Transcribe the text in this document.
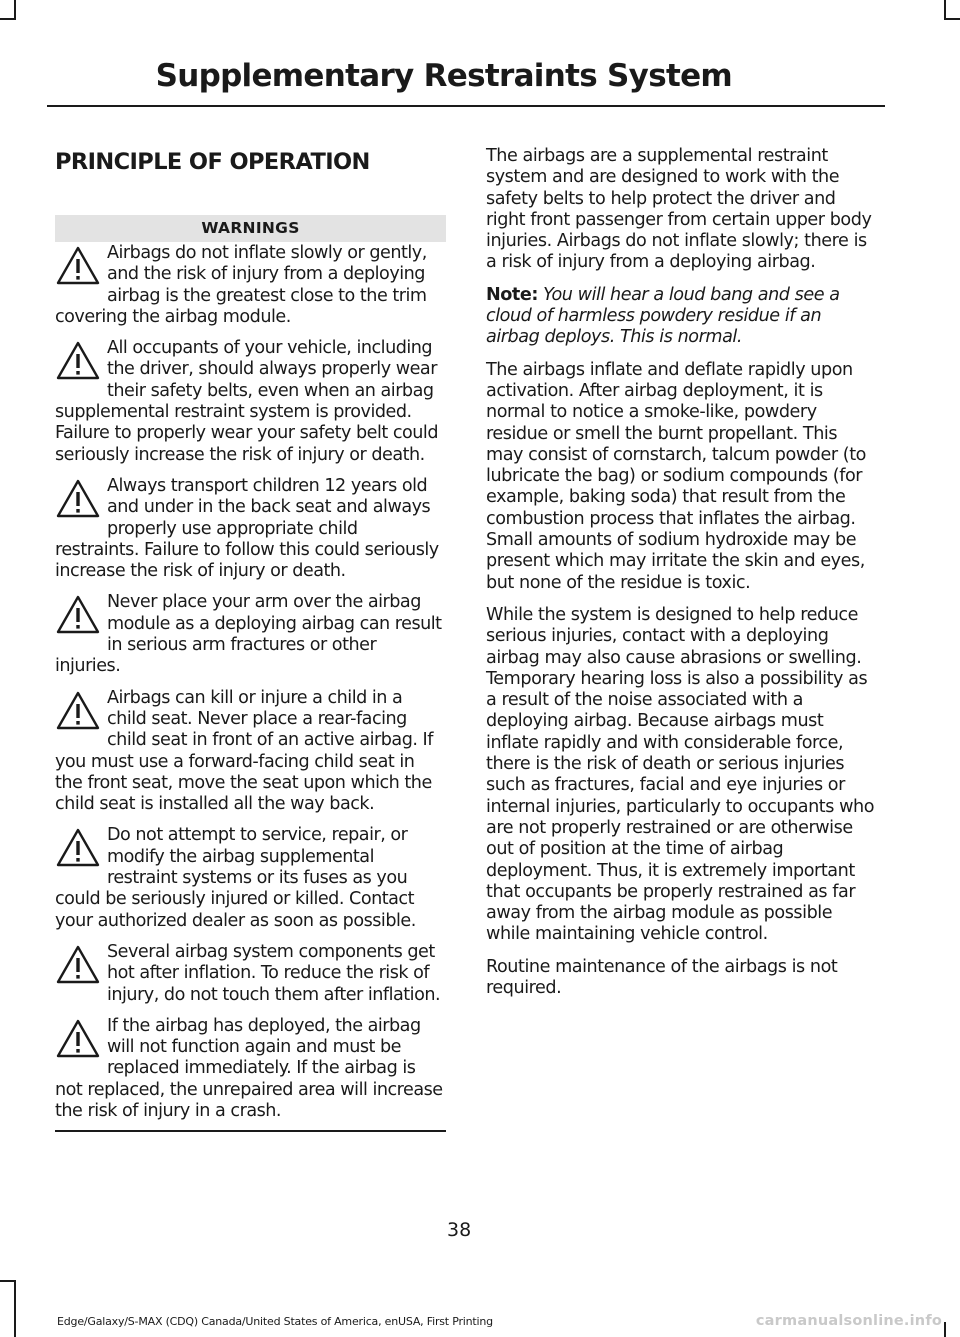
Supplementary Restraints System
PRINCIPLE OF OPERATION
WARNINGS

Airbags do not inflate slowly or gently, and the risk of injury from a deploying airbag is the greatest close to the trim covering the airbag module.

All occupants of your vehicle, including the driver, should always properly wear their safety belts, even when an airbag supplemental restraint system is provided. Failure to properly wear your safety belt could seriously increase the risk of injury or death.

Always transport children 12 years old and under in the back seat and always properly use appropriate child restraints. Failure to follow this could seriously increase the risk of injury or death.

Never place your arm over the airbag module as a deploying airbag can result in serious arm fractures or other injuries.

Airbags can kill or injure a child in a child seat. Never place a rear-facing child seat in front of an active airbag. If you must use a forward-facing child seat in the front seat, move the seat upon which the child seat is installed all the way back.

Do not attempt to service, repair, or modify the airbag supplemental restraint systems or its fuses as you could be seriously injured or killed. Contact your authorized dealer as soon as possible.

Several airbag system components get hot after inflation. To reduce the risk of injury, do not touch them after inflation.

If the airbag has deployed, the airbag will not function again and must be replaced immediately. If the airbag is not replaced, the unrepaired area will increase the risk of injury in a crash.

The airbags are a supplemental restraint system and are designed to work with the safety belts to help protect the driver and right front passenger from certain upper body injuries. Airbags do not inflate slowly; there is a risk of injury from a deploying airbag.

Note: You will hear a loud bang and see a cloud of harmless powdery residue if an airbag deploys. This is normal.

The airbags inflate and deflate rapidly upon activation. After airbag deployment, it is normal to notice a smoke-like, powdery residue or smell the burnt propellant. This may consist of cornstarch, talcum powder (to lubricate the bag) or sodium compounds (for example, baking soda) that result from the combustion process that inflates the airbag. Small amounts of sodium hydroxide may be present which may irritate the skin and eyes, but none of the residue is toxic.

While the system is designed to help reduce serious injuries, contact with a deploying airbag may also cause abrasions or swelling. Temporary hearing loss is also a possibility as a result of the noise associated with a deploying airbag. Because airbags must inflate rapidly and with considerable force, there is the risk of death or serious injuries such as fractures, facial and eye injuries or internal injuries, particularly to occupants who are not properly restrained or are otherwise out of position at the time of airbag deployment. Thus, it is extremely important that occupants be properly restrained as far away from the airbag module as possible while maintaining vehicle control.

Routine maintenance of the airbags is not required.

38
Edge/Galaxy/S-MAX (CDQ) Canada/United States of America, enUSA, First Printing	carmanualsonline.info
